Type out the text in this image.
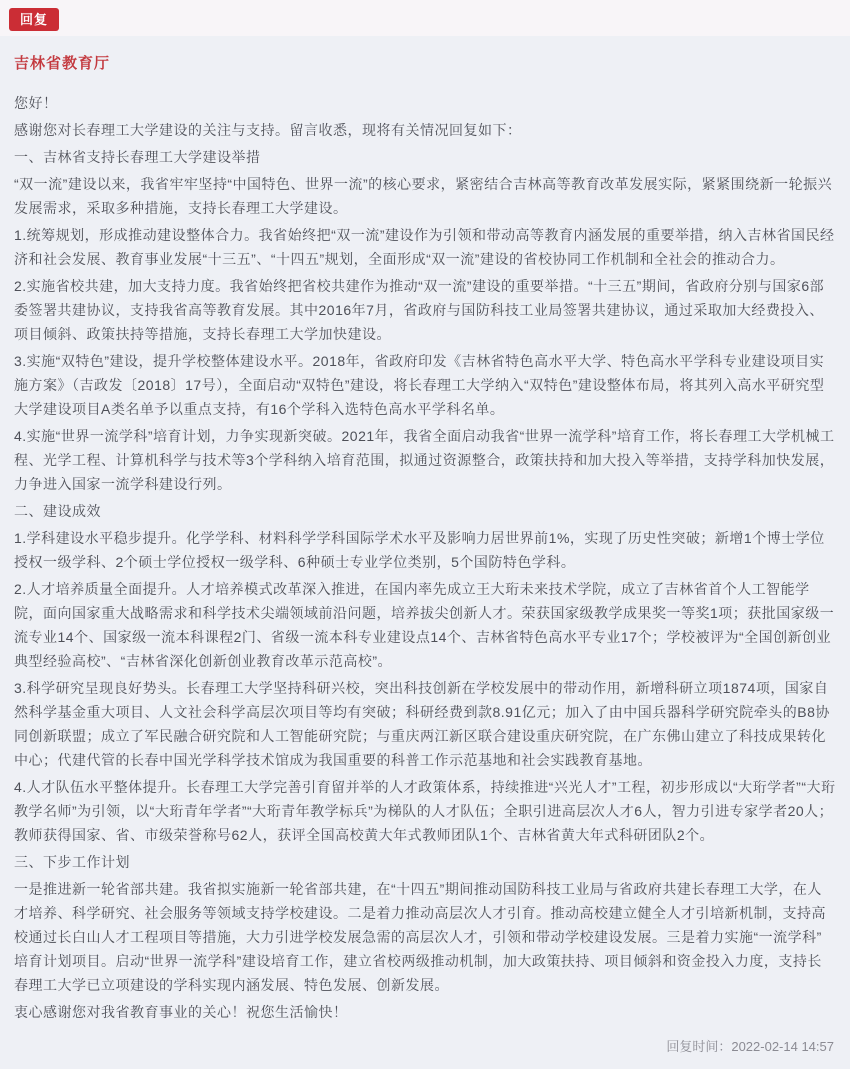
回复
吉林省教育厅

您好！

感谢您对长春理工大学建设的关注与支持。留言收悉，现将有关情况回复如下：

一、吉林省支持长春理工大学建设举措

“双一流”建设以来，我省牢牢坚持“中国特色、世界一流”的核心要求，紧密结合吉林高等教育改革发展实际，紧紧围绕新一轮振兴发展需求，采取多种措施，支持长春理工大学建设。

1.统筹规划，形成推动建设整体合力。我省始终把“双一流”建设作为引领和带动高等教育内涵发展的重要举措，纳入吉林省国民经济和社会发展、教育事业发展“十三五”、“十四五”规划，全面形成“双一流”建设的省校协同工作机制和全社会的推动合力。

2.实施省校共建，加大支持力度。我省始终把省校共建作为推动“双一流”建设的重要举措。“十三五”期间，省政府分别与国家6部委签署共建协议，支持我省高等教育发展。其中2016年7月，省政府与国防科技工业局签署共建协议，通过采取加大经费投入、项目倾斜、政策扶持等措施，支持长春理工大学加快建设。

3.实施“双特色”建设，提升学校整体建设水平。2018年，省政府印发《吉林省特色高水平大学、特色高水平学科专业建设项目实施方案》（吉政发〔2018〕17号），全面启动“双特色”建设，将长春理工大学纳入“双特色”建设整体布局，将其列入高水平研究型大学建设项目A类名单予以重点支持，有16个学科入选特色高水平学科名单。

4.实施“世界一流学科”培育计划，力争实现新突破。2021年，我省全面启动我省“世界一流学科”培育工作，将长春理工大学机械工程、光学工程、计算机科学与技术等3个学科纳入培育范围，拟通过资源整合，政策扶持和加大投入等举措，支持学科加快发展，力争进入国家一流学科建设行列。

二、建设成效

1.学科建设水平稳步提升。化学学科、材料科学学科国际学术水平及影响力居世界前1%，实现了历史性突破；新增1个博士学位授权一级学科、2个硕士学位授权一级学科、6种硕士专业学位类别，5个国防特色学科。

2.人才培养质量全面提升。人才培养模式改革深入推进，在国内率先成立王大珩未来技术学院，成立了吉林省首个人工智能学院，面向国家重大战略需求和科学技术尖端领域前沿问题，培养拔尖创新人才。荣获国家级教学成果奖一等奖1项；获批国家级一流专业14个、国家级一流本科课程2门、省级一流本科专业建设点14个、吉林省特色高水平专业17个；学校被评为“全国创新创业典型经验高校”、“吉林省深化创新创业教育改革示范高校”。

3.科学研究呈现良好势头。长春理工大学坚持科研兴校，突出科技创新在学校发展中的带动作用，新增科研立项1874项，国家自然科学基金重大项目、人文社会科学高层次项目等均有突破；科研经费到款8.91亿元；加入了由中国兵器科学研究院牵头的B8协同创新联盟；成立了军民融合研究院和人工智能研究院；与重庆两江新区联合建设重庆研究院，在广东佛山建立了科技成果转化中心；代建代管的长春中国光学科学技术馆成为我国重要的科普工作示范基地和社会实践教育基地。

4.人才队伍水平整体提升。长春理工大学完善引育留并举的人才政策体系，持续推进“兴光人才”工程，初步形成以“大珩学者”“大珩教学名师”为引领，以“大珩青年学者”“大珩青年教学标兵”为梯队的人才队伍；全职引进高层次人才6人，智力引进专家学者20人；教师获得国家、省、市级荣誉称号62人，获评全国高校黄大年式教师团队1个、吉林省黄大年式科研团队2个。

三、下步工作计划

一是推进新一轮省部共建。我省拟实施新一轮省部共建，在“十四五”期间推动国防科技工业局与省政府共建长春理工大学，在人才培养、科学研究、社会服务等领域支持学校建设。二是着力推动高层次人才引育。推动高校建立健全人才引培新机制，支持高校通过长白山人才工程项目等措施，大力引进学校发展急需的高层次人才，引领和带动学校建设发展。三是着力实施“一流学科”培育计划项目。启动“世界一流学科”建设培育工作，建立省校两级推动机制，加大政策扶持、项目倾斜和资金投入力度，支持长春理工大学已立项建设的学科实现内涵发展、特色发展、创新发展。

衷心感谢您对我省教育事业的关心！祝您生活愉快！

回复时间：2022-02-14 14:57
